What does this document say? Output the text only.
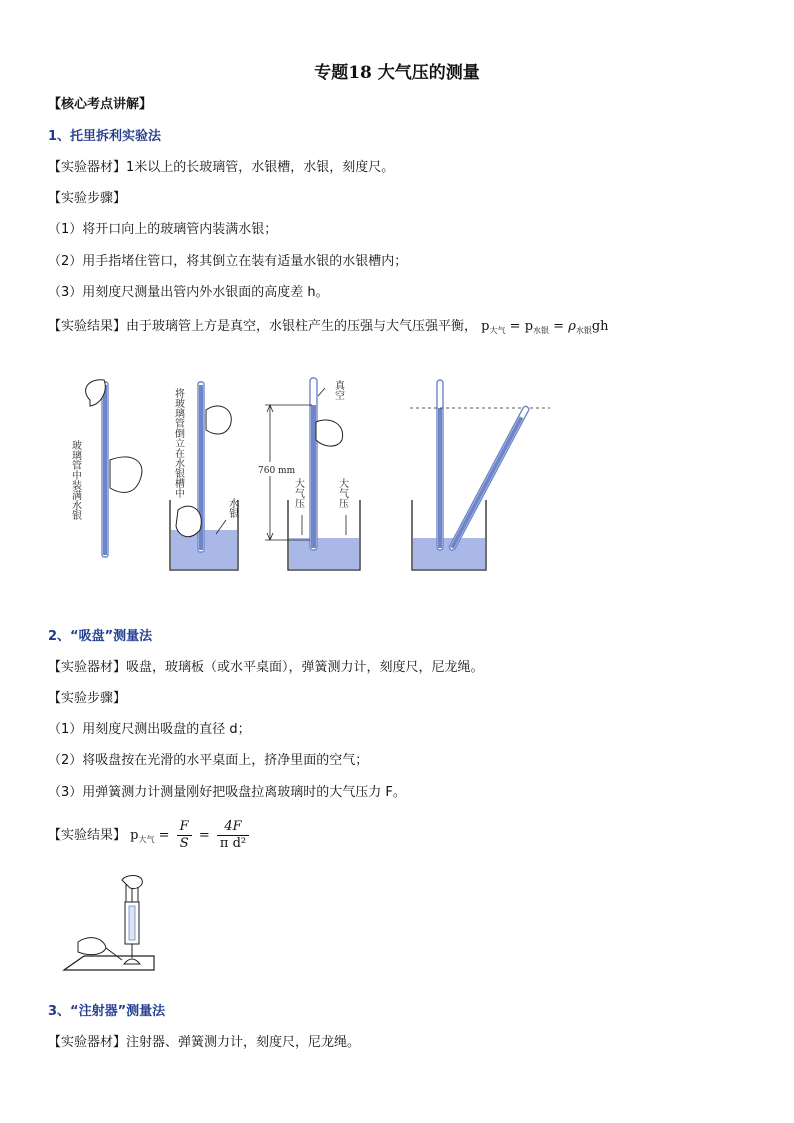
专题18 大气压的测量
【核心考点讲解】
1、托里拆利实验法
【实验器材】1米以上的长玻璃管，水银槽，水银，刻度尺。
【实验步骤】
（1）将开口向上的玻璃管内装满水银；
（2）用手指堵住管口，将其倒立在装有适量水银的水银槽内；
（3）用刻度尺测量出管内外水银面的高度差 h。
【实验结果】由于玻璃管上方是真空，水银柱产生的压强与大气压强平衡， $p_{大气} = p_{水银} = \rho_{水银}gh$
玻璃管中装满水银	将玻璃管倒立在水银槽中
水银
760 mm
真空
大气压	大气压
2、“吸盘”测量法
【实验器材】吸盘，玻璃板（或水平桌面），弹簧测力计，刻度尺，尼龙绳。
【实验步骤】
（1）用刻度尺测出吸盘的直径 d；
（2）将吸盘按在光滑的水平桌面上，挤净里面的空气；
（3）用弹簧测力计测量刚好把吸盘拉离玻璃时的大气压力 F。
【实验结果】 $p_{大气} = \frac{F}{S} = \frac{4F}{\text{π d²}}$
3、“注射器”测量法
【实验器材】注射器、弹簧测力计，刻度尺，尼龙绳。
